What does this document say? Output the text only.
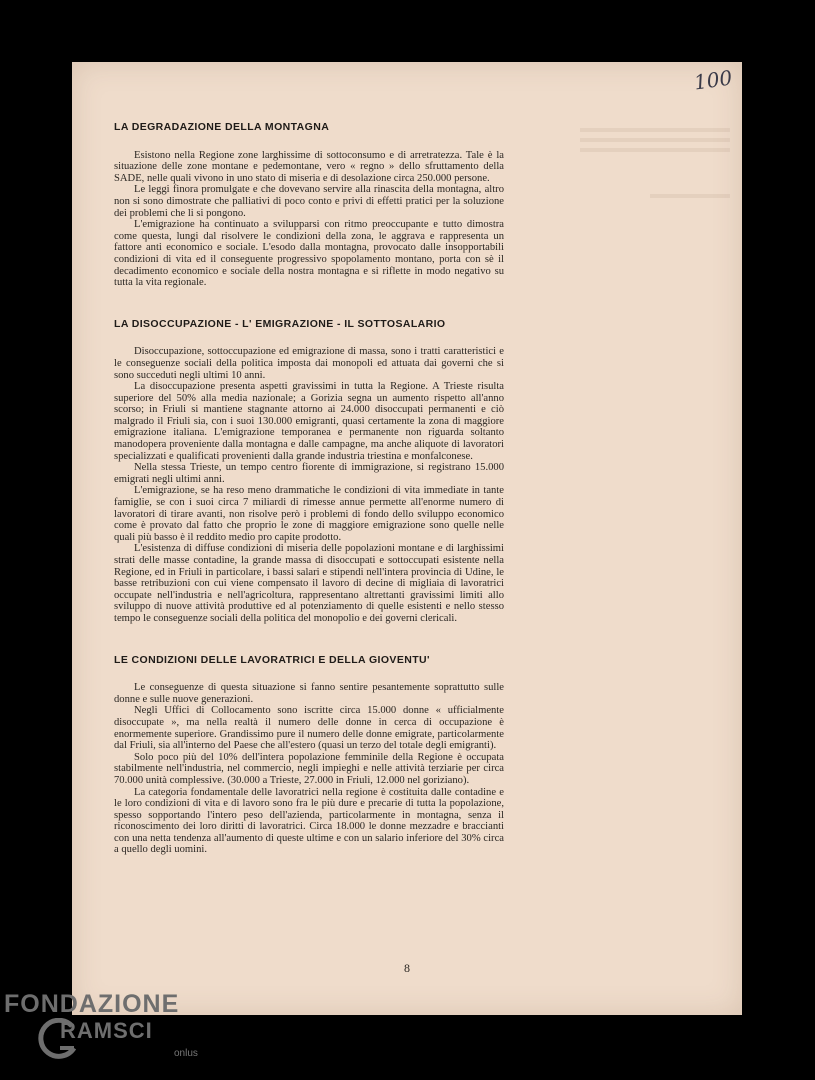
100
LA DEGRADAZIONE DELLA MONTAGNA

Esistono nella Regione zone larghissime di sottoconsumo e di arretratezza. Tale è la situazione delle zone montane e pedemontane, vero « regno » dello sfruttamento della SADE, nelle quali vivono in uno stato di miseria e di desolazione circa 250.000 persone.

Le leggi finora promulgate e che dovevano servire alla rinascita della montagna, altro non si sono dimostrate che palliativi di poco conto e privi di effetti pratici per la soluzione dei problemi che li si pongono.

L'emigrazione ha continuato a svilupparsi con ritmo preoccupante e tutto dimostra come questa, lungi dal risolvere le condizioni della zona, le aggrava e rappresenta un fattore anti economico e sociale. L'esodo dalla montagna, provocato dalle insopportabili condizioni di vita ed il conseguente progressivo spopolamento montano, porta con sè il decadimento economico e sociale della nostra montagna e si riflette in modo negativo su tutta la vita regionale.

LA DISOCCUPAZIONE - L' EMIGRAZIONE - IL SOTTOSALARIO

Disoccupazione, sottoccupazione ed emigrazione di massa, sono i tratti caratteristici e le conseguenze sociali della politica imposta dai monopoli ed attuata dai governi che si sono succeduti negli ultimi 10 anni.

La disoccupazione presenta aspetti gravissimi in tutta la Regione. A Trieste risulta superiore del 50% alla media nazionale; a Gorizia segna un aumento rispetto all'anno scorso; in Friuli si mantiene stagnante attorno ai 24.000 disoccupati permanenti e ciò malgrado il Friuli sia, con i suoi 130.000 emigranti, quasi certamente la zona di maggiore emigrazione italiana. L'emigrazione temporanea e permanente non riguarda soltanto manodopera proveniente dalla montagna e dalle campagne, ma anche aliquote di lavoratori specializzati e qualificati provenienti dalla grande industria triestina e monfalconese.

Nella stessa Trieste, un tempo centro fiorente di immigrazione, si registrano 15.000 emigrati negli ultimi anni.

L'emigrazione, se ha reso meno drammatiche le condizioni di vita immediate in tante famiglie, se con i suoi circa 7 miliardi di rimesse annue permette all'enorme numero di lavoratori di tirare avanti, non risolve però i problemi di fondo dello sviluppo economico come è provato dal fatto che proprio le zone di maggiore emigrazione sono quelle nelle quali più basso è il reddito medio pro capite prodotto.

L'esistenza di diffuse condizioni di miseria delle popolazioni montane e di larghissimi strati delle masse contadine, la grande massa di disoccupati e sottoccupati esistente nella Regione, ed in Friuli in particolare, i bassi salari e stipendi nell'intera provincia di Udine, le basse retribuzioni con cui viene compensato il lavoro di decine di migliaia di lavoratrici occupate nell'industria e nell'agricoltura, rappresentano altrettanti gravissimi limiti allo sviluppo di nuove attività produttive ed al potenziamento di quelle esistenti e nello stesso tempo le conseguenze sociali della politica del monopolio e dei governi clericali.

LE CONDIZIONI DELLE LAVORATRICI E DELLA GIOVENTU'

Le conseguenze di questa situazione si fanno sentire pesantemente soprattutto sulle donne e sulle nuove generazioni.

Negli Uffici di Collocamento sono iscritte circa 15.000 donne « ufficialmente disoccupate », ma nella realtà il numero delle donne in cerca di occupazione è enormemente superiore. Grandissimo pure il numero delle donne emigrate, particolarmente dal Friuli, sia all'interno del Paese che all'estero (quasi un terzo del totale degli emigranti).

Solo poco più del 10% dell'intera popolazione femminile della Regione è occupata stabilmente nell'industria, nel commercio, negli impieghi e nelle attività terziarie per circa 70.000 unità complessive. (30.000 a Trieste, 27.000 in Friuli, 12.000 nel goriziano).

La categoria fondamentale delle lavoratrici nella regione è costituita dalle contadine e le loro condizioni di vita e di lavoro sono fra le più dure e precarie di tutta la popolazione, spesso sopportando l'intero peso dell'azienda, particolarmente in montagna, senza il riconoscimento dei loro diritti di lavoratrici. Circa 18.000 le donne mezzadre e braccianti con una netta tendenza all'aumento di queste ultime e con un salario inferiore del 30% circa a quello degli uomini.

8
FONDAZIONE
RAMSCI
onlus
